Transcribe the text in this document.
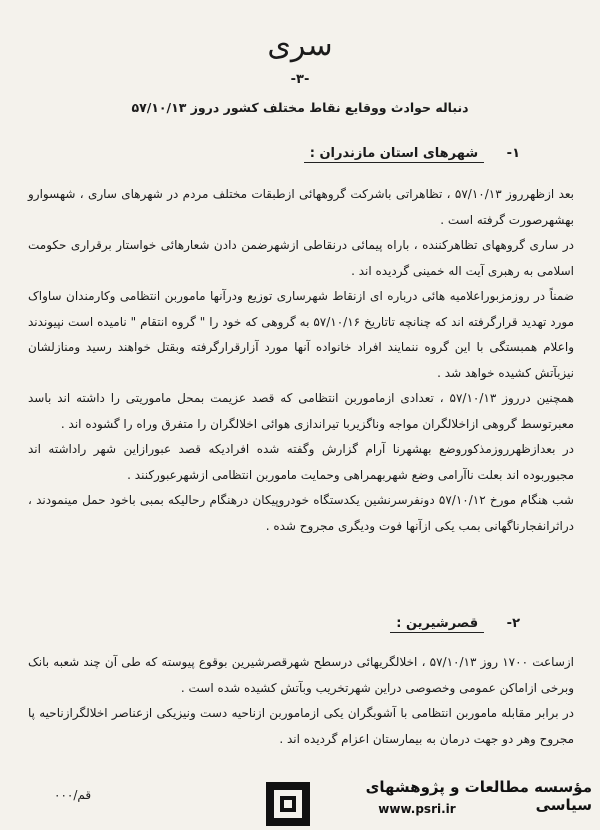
سری
-٣-
دنباله حوادث ووقایع نقاط مختلف کشور دروز ۵۷/۱۰/۱۳
۱- شهرهای استان مازندران :

بعد ازظهرروز ۵۷/۱۰/۱۳ ، تظاهراتی باشرکت گروههائی ازطبقات مختلف مردم در شهرهای ساری ، شهسوارو بهشهرصورت گرفته است .

در ساری گروههای تظاهرکننده ، باراه پیمائی درنقاطی ازشهرضمن دادن شعارهائی خواستار برقراری حکومت اسلامی به رهبری آیت اله خمینی گردیده اند .

ضمناً در روزمزبوراعلامیه هائی درباره ای ازنقاط شهرساری توزیع ودرآنها ماموربن انتظامی وکارمندان ساواک مورد تهدید قرارگرفته اند که چنانچه تاتاریخ ۵۷/۱۰/۱۶ به گروهی که خود را " گروه انتقام " نامیده است نپیوندند واعلام همبستگی با این گروه ننمایند افراد خانواده آنها مورد آزارقرارگرفته وبقتل خواهند رسید ومنازلشان نیزبآتش کشیده خواهد شد .

همچنین درروز ۵۷/۱۰/۱۳ ، تعدادی ازماموربن انتظامی که قصد عزیمت بمحل ماموریتی را داشته اند باسد معبرتوسط گروهی ازاخلالگران مواجه وناگزیربا تیراندازی هوائی اخلالگران را متفرق وراه را گشوده اند .

در بعدازظهرروزمذکوروضع بهشهرنا آرام گزارش وگفته شده افرادیکه قصد عبورازاین شهر راداشته اند مجبوربوده اند بعلت ناآرامی وضع شهربهمراهی وحمایت ماموربن انتظامی ازشهرعبورکنند .

شب هنگام مورخ ۵۷/۱۰/۱۲ دونفرسرنشین یکدستگاه خودروپیکان درهنگام رحالیکه بمبی باخود حمل مینمودند ، دراثرانفجارناگهانی بمب یکی ازآنها فوت ودیگری مجروح شده .

۲- قصرشیرین :

ازساعت ۱۷۰۰ روز ۵۷/۱۰/۱۳ ، اخلالگریهائی درسطح شهرقصرشیرین بوقوع پیوسته که طی آن چند شعبه بانک وبرخی ازاماکن عمومی وخصوصی دراین شهرتخریب وبآتش کشیده شده است .

در برابر مقابله ماموربن انتظامی با آشوبگران یکی ازماموربن ازناحیه دست ونیزیکی ازعناصر اخلالگرازناحیه پا مجروح وهر دو جهت درمان به بیمارستان اعزام گردیده اند .

قم/٠٠٠	مؤسسه مطالعات و پژوهشهای سیاسی
www.psri.ir
